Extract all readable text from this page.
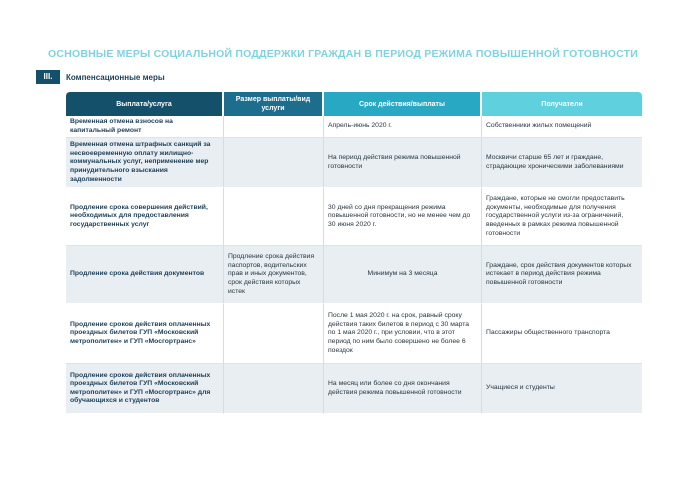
ОСНОВНЫЕ МЕРЫ СОЦИАЛЬНОЙ ПОДДЕРЖКИ ГРАЖДАН В ПЕРИОД РЕЖИМА ПОВЫШЕННОЙ ГОТОВНОСТИ
III.	Компенсационные меры
Выплата/услуга	Размер выплаты/вид услуги	Срок действия/выплаты	Получатели
Временная отмена взносов на капитальный ремонт		Апрель-июнь 2020 г.	Собственники жилых помещений
Временная отмена штрафных санкций за несвоевременную оплату жилищно-коммунальных услуг, неприменение мер принудительного взыскания задолженности		На период действия режима повышенной готовности	Москвичи старше 65 лет и граждане, страдающие хроническими заболеваниями
Продление срока совершения действий, необходимых для предоставления государственных услуг		30 дней со дня прекращения режима повышенной готовности, но не менее чем до 30 июня 2020 г.	Граждане, которые не смогли предоставить документы, необходимые для получения государственной услуги из-за ограничений, введенных в рамках режима повышенной готовности
Продление срока действия документов	Продление срока действия паспортов, водительских прав и иных документов, срок действия которых истек	Минимум на 3 месяца	Граждане, срок действия документов которых истекает в период действия режима повышенной готовности
Продление сроков действия оплаченных проездных билетов ГУП «Московский метрополитен» и ГУП «Мосгортранс»		После 1 мая 2020 г. на срок, равный сроку действия таких билетов в период с 30 марта по 1 мая 2020 г., при условии, что в этот период по ним было совершено не более 6 поездок	Пассажиры общественного транспорта
Продление сроков действия оплаченных проездных билетов ГУП «Московский метрополитен» и ГУП «Мосгортранс» для обучающихся и студентов		На месяц или более со дня окончания действия режима повышенной готовности	Учащиеся и студенты
